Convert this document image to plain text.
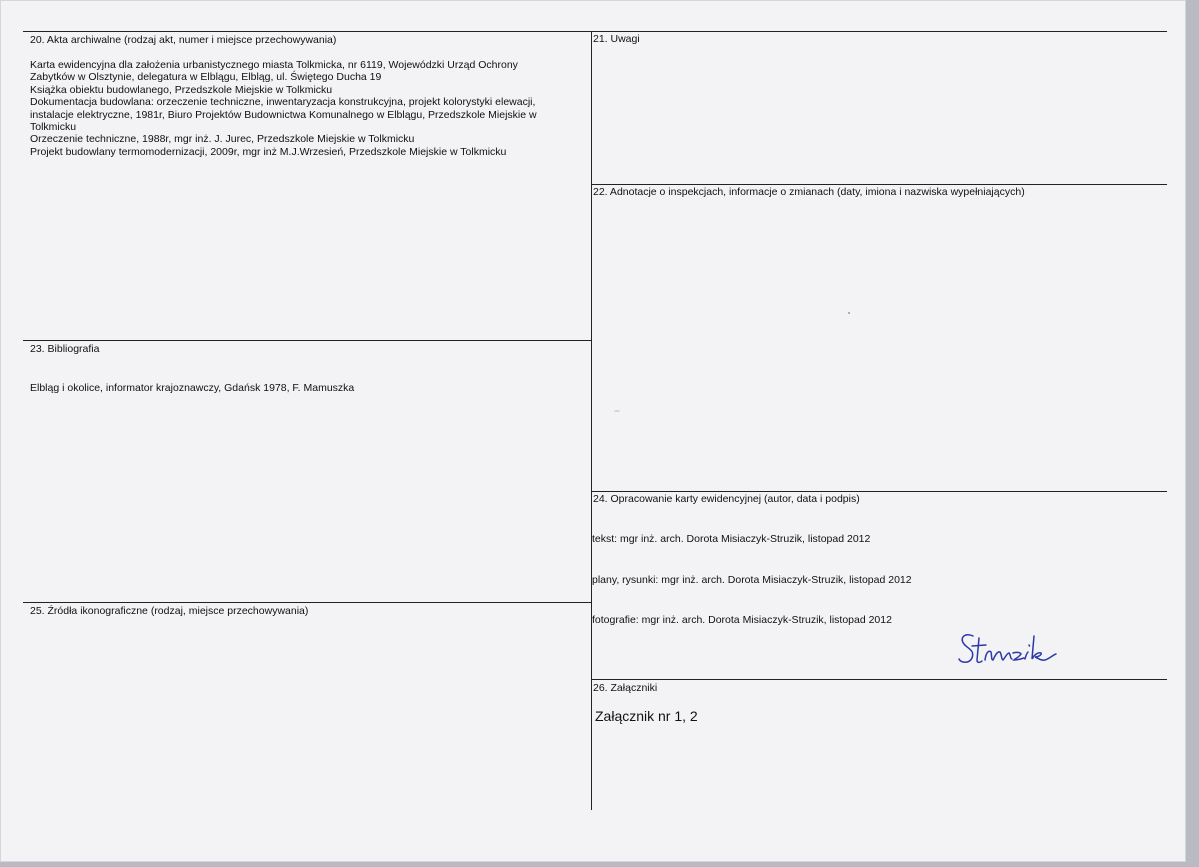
20. Akta archiwalne (rodzaj akt, numer i miejsce przechowywania)
Karta ewidencyjna dla założenia urbanistycznego miasta Tolkmicka, nr 6119, Wojewódzki Urząd Ochrony
Zabytków w Olsztynie, delegatura w Elblągu, Elbląg, ul. Świętego Ducha 19
Książka obiektu budowlanego, Przedszkole Miejskie w Tolkmicku
Dokumentacja budowlana: orzeczenie techniczne, inwentaryzacja konstrukcyjna, projekt kolorystyki elewacji,
instalacje elektryczne, 1981r, Biuro Projektów Budownictwa Komunalnego w Elblągu, Przedszkole Miejskie w
Tolkmicku
Orzeczenie techniczne, 1988r, mgr inż. J. Jurec, Przedszkole Miejskie w Tolkmicku
Projekt budowlany termomodernizacji, 2009r, mgr inż M.J.Wrzesień, Przedszkole Miejskie w Tolkmicku
21. Uwagi
22. Adnotacje o inspekcjach, informacje o zmianach (daty, imiona i nazwiska wypełniających)
23. Bibliografia
Elbląg i okolice, informator krajoznawczy, Gdańsk 1978, F. Mamuszka
24. Opracowanie karty ewidencyjnej (autor, data i podpis)
tekst: mgr inż. arch. Dorota Misiaczyk-Struzik, listopad 2012
plany, rysunki: mgr inż. arch. Dorota Misiaczyk-Struzik, listopad 2012
fotografie: mgr inż. arch. Dorota Misiaczyk-Struzik, listopad 2012
25. Źródła ikonograficzne (rodzaj, miejsce przechowywania)
26. Załączniki
Załącznik nr 1, 2
